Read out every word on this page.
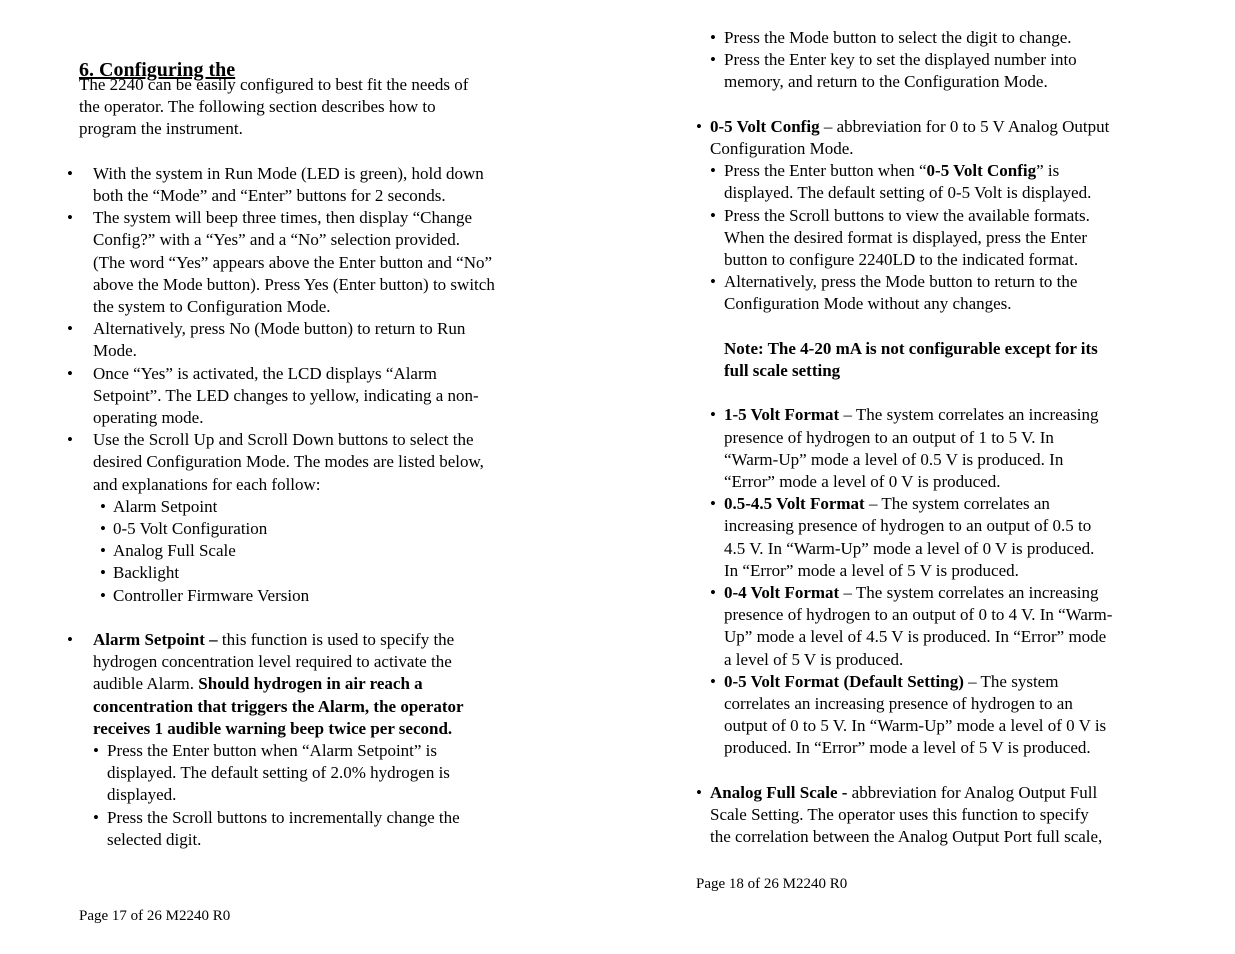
The 2240 can be easily configured to best fit the needs of
the operator. The following section describes how to
program the instrument.

• With the system in Run Mode (LED is green), hold down
both the “Mode” and “Enter” buttons for 2 seconds.

• The system will beep three times, then display “Change
Config?” with a “Yes” and a “No” selection provided.
(The word “Yes” appears above the Enter button and “No”
above the Mode button). Press Yes (Enter button) to switch
the system to Configuration Mode.

• Alternatively, press No (Mode button) to return to Run
Mode.

• Once “Yes” is activated, the LCD displays “Alarm
Setpoint”. The LED changes to yellow, indicating a non-
operating mode.

• Use the Scroll Up and Scroll Down buttons to select the
desired Configuration Mode. The modes are listed below,
and explanations for each follow:

• Alarm Setpoint

• 0-5 Volt Configuration

• Analog Full Scale

• Backlight

• Controller Firmware Version

• Alarm Setpoint – this function is used to specify the
hydrogen concentration level required to activate the
audible Alarm. Should hydrogen in air reach a
concentration that triggers the Alarm, the operator
receives 1 audible warning beep twice per second.

• Press the Enter button when “Alarm Setpoint” is
displayed. The default setting of 2.0% hydrogen is
displayed.

• Press the Scroll buttons to incrementally change the
selected digit.

6. Configuring the
Page 17 of 26 M2240 R0

• Press the Mode button to select the digit to change.

• Press the Enter key to set the displayed number into
memory, and return to the Configuration Mode.

• 0-5 Volt Config – abbreviation for 0 to 5 V Analog Output
Configuration Mode.

• Press the Enter button when “0-5 Volt Config” is
displayed. The default setting of 0-5 Volt is displayed.

• Press the Scroll buttons to view the available formats.
When the desired format is displayed, press the Enter
button to configure 2240LD to the indicated format.

• Alternatively, press the Mode button to return to the
Configuration Mode without any changes.

Note: The 4-20 mA is not configurable except for its
full scale setting

• 1-5 Volt Format – The system correlates an increasing
presence of hydrogen to an output of 1 to 5 V. In
“Warm-Up” mode a level of 0.5 V is produced. In
“Error” mode a level of 0 V is produced.

• 0.5-4.5 Volt Format – The system correlates an
increasing presence of hydrogen to an output of 0.5 to
4.5 V. In “Warm-Up” mode a level of 0 V is produced.
In “Error” mode a level of 5 V is produced.

• 0-4 Volt Format – The system correlates an increasing
presence of hydrogen to an output of 0 to 4 V. In “Warm-
Up” mode a level of 4.5 V is produced. In “Error” mode
a level of 5 V is produced.

• 0-5 Volt Format (Default Setting) – The system
correlates an increasing presence of hydrogen to an
output of 0 to 5 V. In “Warm-Up” mode a level of 0 V is
produced. In “Error” mode a level of 5 V is produced.

• Analog Full Scale - abbreviation for Analog Output Full
Scale Setting. The operator uses this function to specify
the correlation between the Analog Output Port full scale,

Page 18 of 26 M2240 R0
